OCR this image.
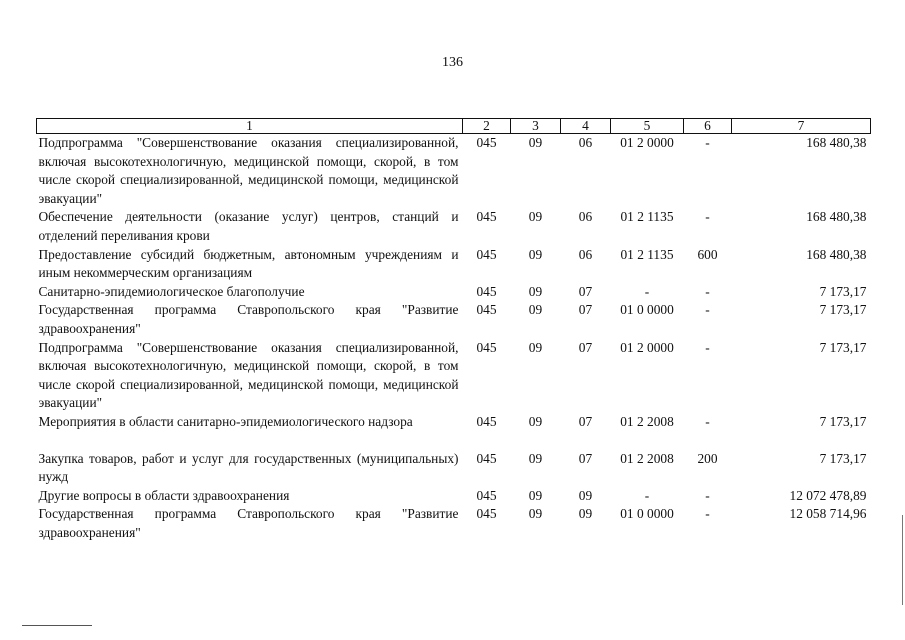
136
1	2	3	4	5	6	7
Подпрограмма "Совершенствование оказания специализированной, включая высокотехнологичную, медицинской помощи, скорой, в том числе скорой специализированной, медицинской помощи, медицинской эвакуации"	045	09	06	01 2 0000	-	168 480,38
Обеспечение деятельности (оказание услуг) центров, станций и отделений переливания крови	045	09	06	01 2 1135	-	168 480,38
Предоставление субсидий бюджетным, автономным учреждениям и иным некоммерческим организациям	045	09	06	01 2 1135	600	168 480,38
Санитарно-эпидемиологическое благополучие	045	09	07	-	-	7 173,17
Государственная программа Ставропольского края "Развитие здравоохранения"	045	09	07	01 0 0000	-	7 173,17
Подпрограмма "Совершенствование оказания специализированной, включая высокотехнологичную, медицинской помощи, скорой, в том числе скорой специализированной, медицинской помощи, медицинской эвакуации"	045	09	07	01 2 0000	-	7 173,17
Мероприятия в области санитарно-эпидемиологического надзора	045	09	07	01 2 2008	-	7 173,17
Закупка товаров, работ и услуг для государственных (муниципальных) нужд	045	09	07	01 2 2008	200	7 173,17
Другие вопросы в области здравоохранения	045	09	09	-	-	12 072 478,89
Государственная программа Ставропольского края "Развитие здравоохранения"	045	09	09	01 0 0000	-	12 058 714,96
